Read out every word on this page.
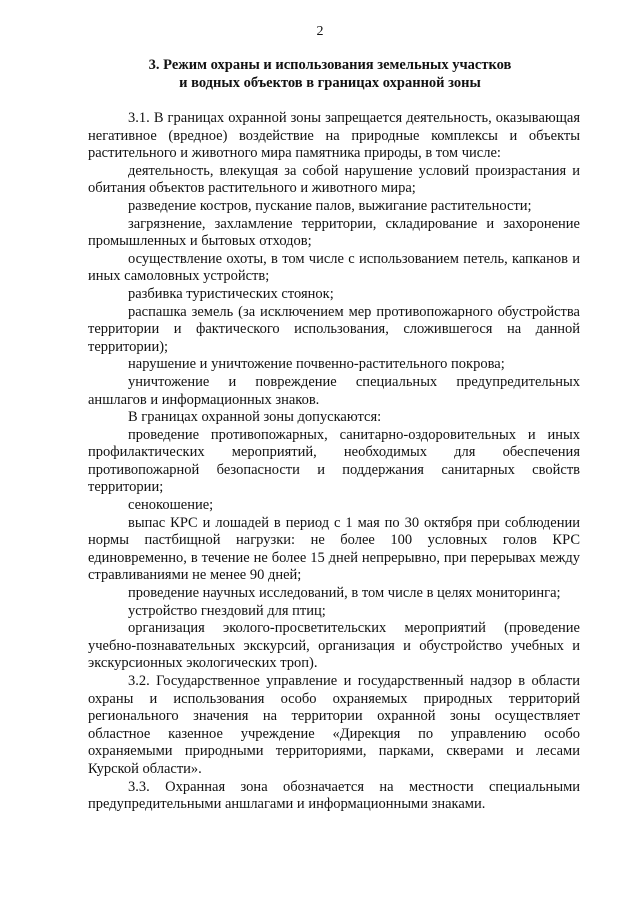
2
3. Режим охраны и использования земельных участков
и водных объектов в границах охранной зоны

3.1. В границах охранной зоны запрещается деятельность, оказывающая негативное (вредное) воздействие на природные комплексы и объекты растительного и животного мира памятника природы, в том числе:

деятельность, влекущая за собой нарушение условий произрастания и обитания объектов растительного и животного мира;

разведение костров, пускание палов, выжигание растительности;

загрязнение, захламление территории, складирование и захоронение промышленных и бытовых отходов;

осуществление охоты, в том числе с использованием петель, капканов и иных самоловных устройств;

разбивка туристических стоянок;

распашка земель (за исключением мер противопожарного обустройства территории и фактического использования, сложившегося на данной территории);

нарушение и уничтожение почвенно-растительного покрова;

уничтожение и повреждение специальных предупредительных аншлагов и информационных знаков.

В границах охранной зоны допускаются:

проведение противопожарных, санитарно-оздоровительных и иных профилактических мероприятий, необходимых для обеспечения противопожарной безопасности и поддержания санитарных свойств территории;

сенокошение;

выпас КРС и лошадей в период с 1 мая по 30 октября при соблюдении нормы пастбищной нагрузки: не более 100 условных голов КРС единовременно, в течение не более 15 дней непрерывно, при перерывах между стравливаниями не менее 90 дней;

проведение научных исследований, в том числе в целях мониторинга;

устройство гнездовий для птиц;

организация эколого-просветительских мероприятий (проведение учебно-познавательных экскурсий, организация и обустройство учебных и экскурсионных экологических троп).

3.2. Государственное управление и государственный надзор в области охраны и использования особо охраняемых природных территорий регионального значения на территории охранной зоны осуществляет областное казенное учреждение «Дирекция по управлению особо охраняемыми природными территориями, парками, скверами и лесами Курской области».

3.3. Охранная зона обозначается на местности специальными предупредительными аншлагами и информационными знаками.
